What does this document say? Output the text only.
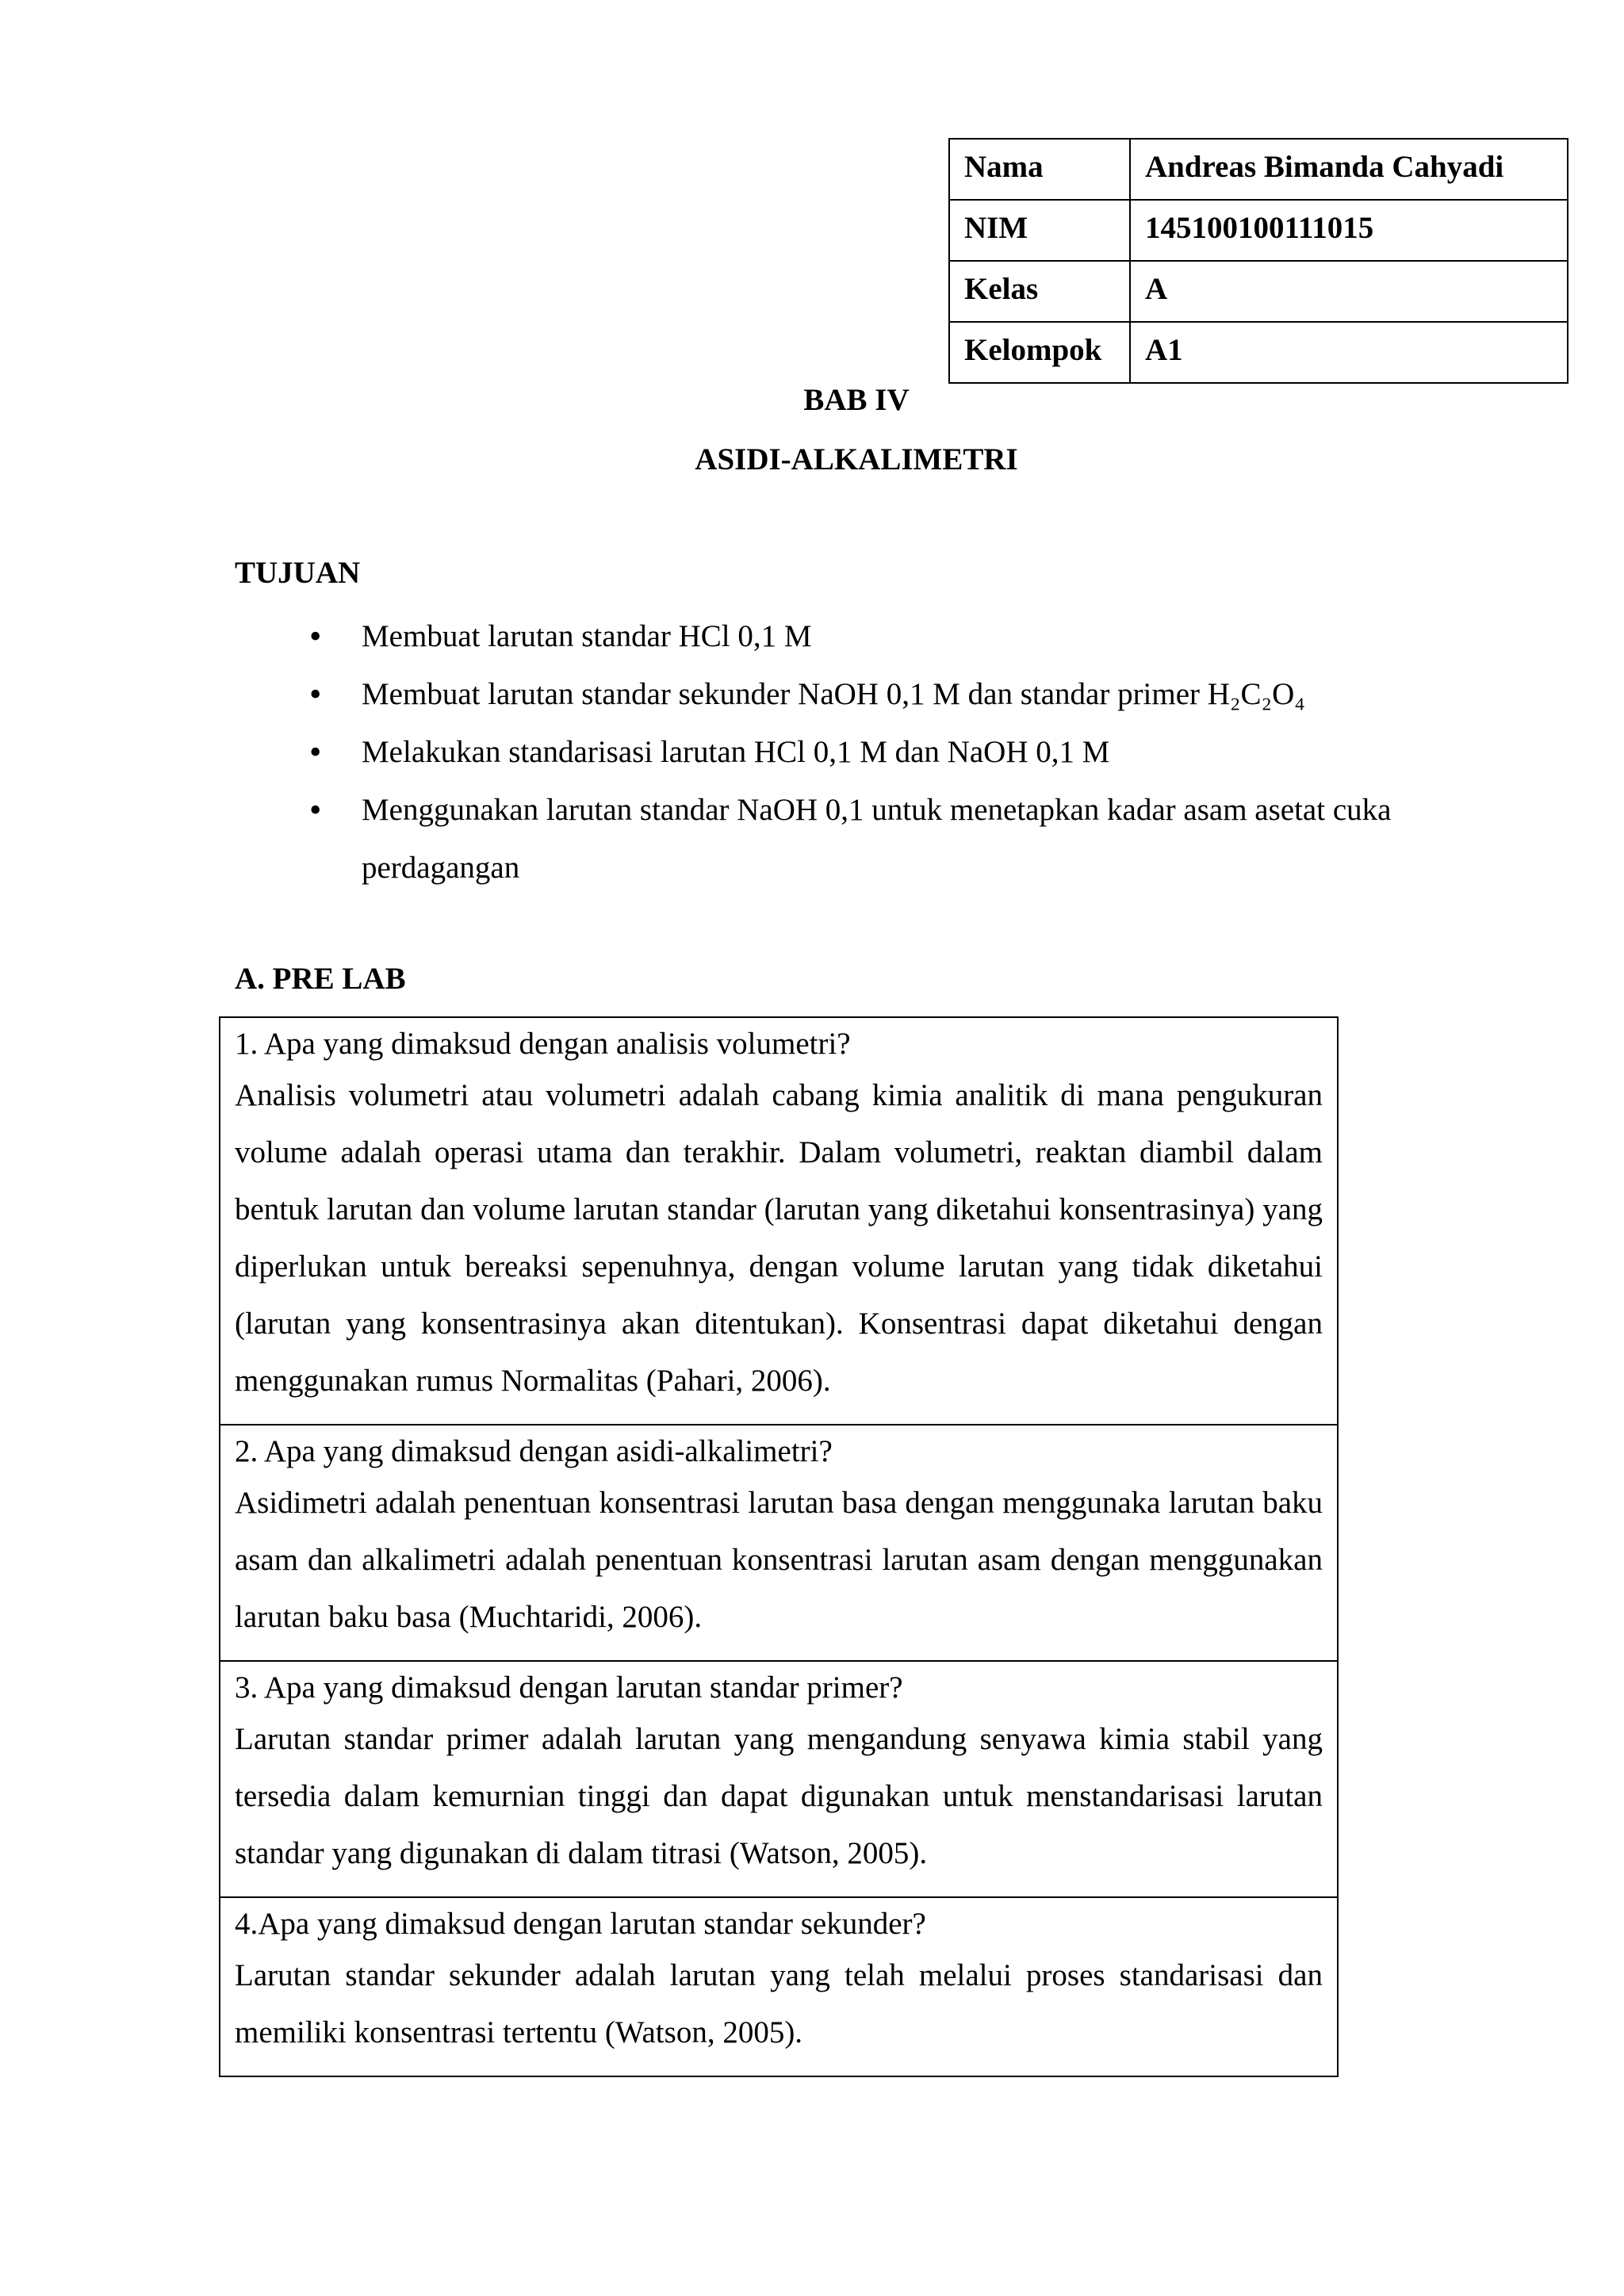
Nama	Andreas Bimanda Cahyadi
NIM	145100100111015
Kelas	A
Kelompok	A1

BAB IV

ASIDI-ALKALIMETRI

TUJUAN

• Membuat larutan standar HCl 0,1 M
• Membuat larutan standar sekunder NaOH 0,1 M dan standar primer H₂C₂O₄
• Melakukan standarisasi larutan HCl 0,1 M dan NaOH 0,1 M
• Menggunakan larutan standar NaOH 0,1 untuk menetapkan kadar asam asetat cuka perdagangan

A. PRE LAB

1. Apa yang dimaksud dengan analisis volumetri?
Analisis volumetri atau volumetri adalah cabang kimia analitik di mana pengukuran volume adalah operasi utama dan terakhir. Dalam volumetri, reaktan diambil dalam bentuk larutan dan volume larutan standar (larutan yang diketahui konsentrasinya) yang diperlukan untuk bereaksi sepenuhnya, dengan volume larutan yang tidak diketahui (larutan yang konsentrasinya akan ditentukan). Konsentrasi dapat diketahui dengan menggunakan rumus Normalitas (Pahari, 2006).

2. Apa yang dimaksud dengan asidi-alkalimetri?
Asidimetri adalah penentuan konsentrasi larutan basa dengan menggunaka larutan baku asam dan alkalimetri adalah penentuan konsentrasi larutan asam dengan menggunakan larutan baku basa (Muchtaridi, 2006).

3. Apa yang dimaksud dengan larutan standar primer?
Larutan standar primer adalah larutan yang mengandung senyawa kimia stabil yang tersedia dalam kemurnian tinggi dan dapat digunakan untuk menstandarisasi larutan standar yang digunakan di dalam titrasi (Watson, 2005).

4.Apa yang dimaksud dengan larutan standar sekunder?
Larutan standar sekunder adalah larutan yang telah melalui proses standarisasi dan memiliki konsentrasi tertentu (Watson, 2005).
